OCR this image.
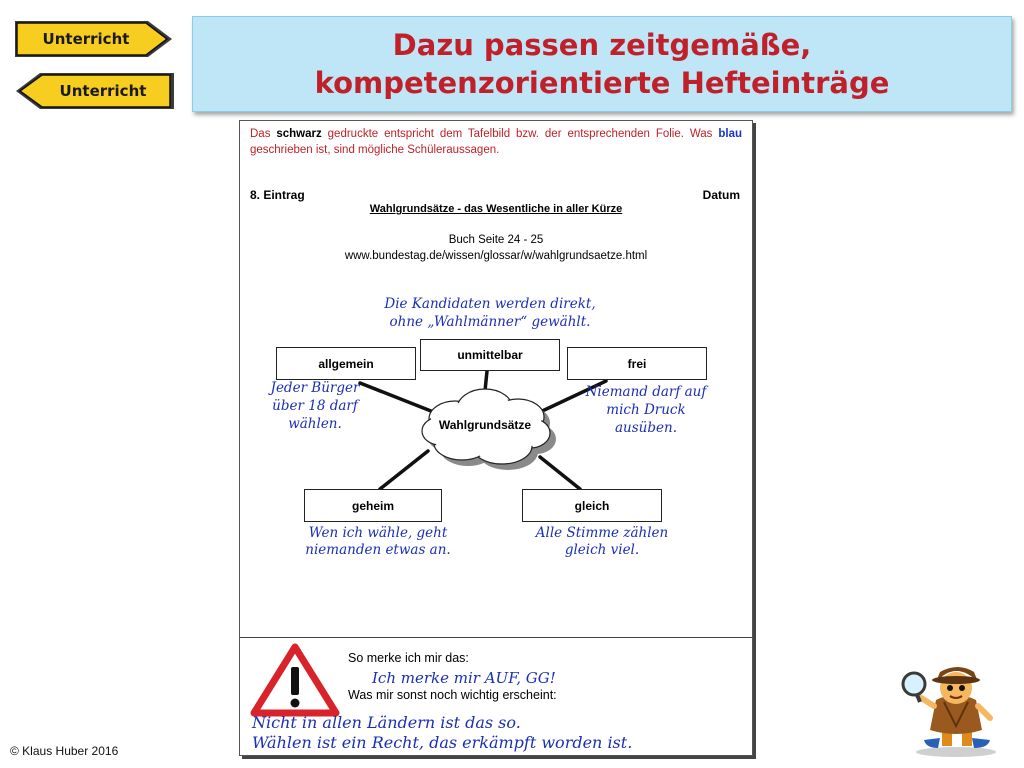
Unterricht
Unterricht
Dazu passen zeitgemäße,
kompetenzorientierte Hefteinträge
Das schwarz gedruckte entspricht dem Tafelbild bzw. der entsprechenden Folie. Was blau geschrieben ist, sind mögliche Schüleraussagen.
8. Eintrag	Datum
Wahlgrundsätze - das Wesentliche in aller Kürze
Buch Seite 24 - 25
www.bundestag.de/wissen/glossar/w/wahlgrundsaetze.html
Die Kandidaten werden direkt,
ohne „Wahlmänner“ gewählt.
Wahlgrundsätze
unmittelbar
allgemein	frei
geheim	gleich
Jeder Bürger
über 18 darf
wählen.
Niemand darf auf
mich Druck
ausüben.
Wen ich wähle, geht
niemanden etwas an.
Alle Stimme zählen
gleich viel.
So merke ich mir das:
Ich merke mir AUF, GG!
Was mir sonst noch wichtig erscheint:
Nicht in allen Ländern ist das so.
Wählen ist ein Recht, das erkämpft worden ist.
© Klaus Huber 2016
